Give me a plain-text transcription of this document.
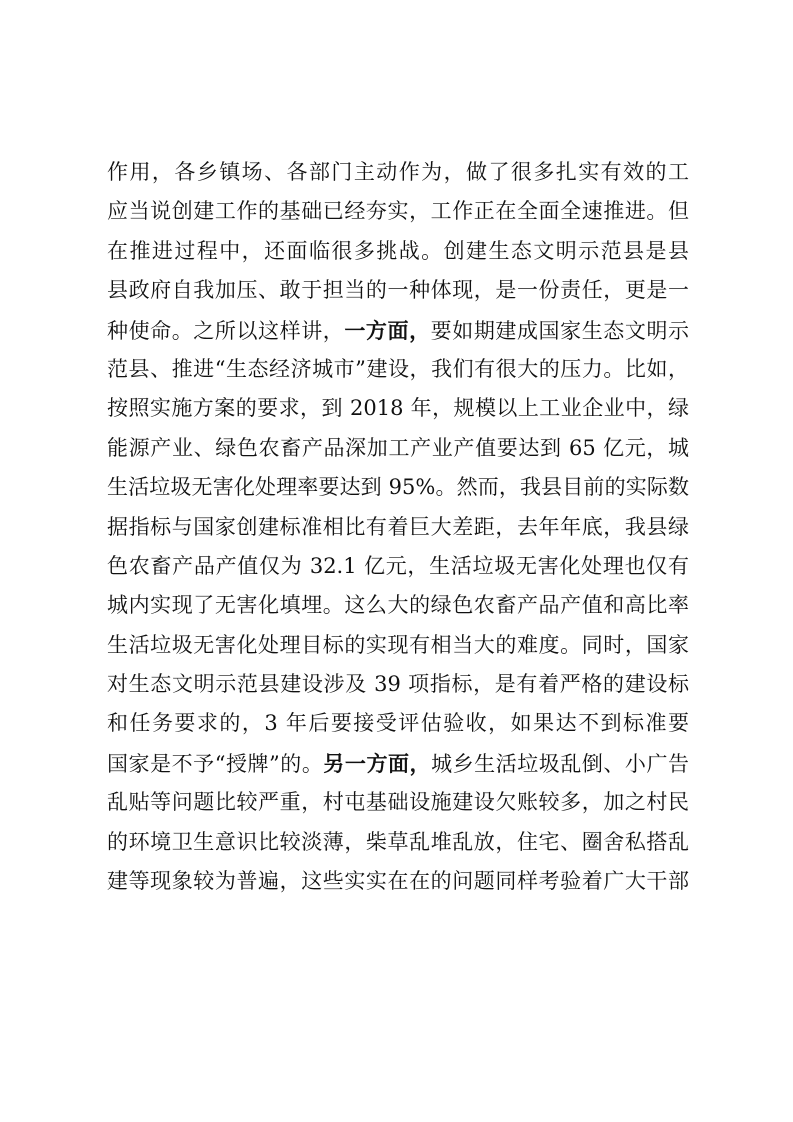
作用，各乡镇场、各部门主动作为，做了很多扎实有效的工
应当说创建工作的基础已经夯实，工作正在全面全速推进。但
在推进过程中，还面临很多挑战。创建生态文明示范县是县
县政府自我加压、敢于担当的一种体现，是一份责任，更是一
种使命。之所以这样讲，一方面，要如期建成国家生态文明示
范县、推进“生态经济城市”建设，我们有很大的压力。比如，
按照实施方案的要求，到 2018 年，规模以上工业企业中，绿
能源产业、绿色农畜产品深加工产业产值要达到 65 亿元，城
生活垃圾无害化处理率要达到 95%。然而，我县目前的实际数
据指标与国家创建标准相比有着巨大差距，去年年底，我县绿
色农畜产品产值仅为 32.1 亿元，生活垃圾无害化处理也仅有
城内实现了无害化填埋。这么大的绿色农畜产品产值和高比率
生活垃圾无害化处理目标的实现有相当大的难度。同时，国家
对生态文明示范县建设涉及 39 项指标，是有着严格的建设标
和任务要求的，3 年后要接受评估验收，如果达不到标准要
国家是不予“授牌”的。另一方面，城乡生活垃圾乱倒、小广告
乱贴等问题比较严重，村屯基础设施建设欠账较多，加之村民
的环境卫生意识比较淡薄，柴草乱堆乱放，住宅、圈舍私搭乱
建等现象较为普遍，这些实实在在的问题同样考验着广大干部
